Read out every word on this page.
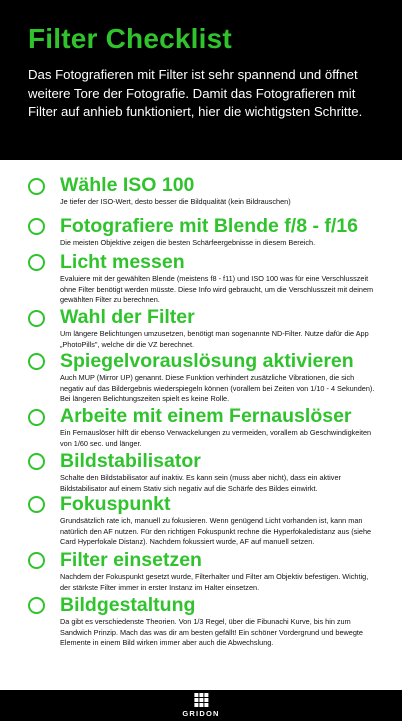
Filter Checklist

Das Fotografieren mit Filter ist sehr spannend und öffnet weitere Tore der Fotografie. Damit das Fotografieren mit Filter auf anhieb funktioniert, hier die wichtigsten Schritte.

Wähle ISO 100
Je tiefer der ISO-Wert, desto besser die Bildqualität (kein Bildrauschen)
Fotografiere mit Blende f/8 - f/16
Die meisten Objektive zeigen die besten Schärfeergebnisse in diesem Bereich.
Licht messen
Evaluiere mit der gewählten Blende (meistens f8 - f11) und ISO 100 was für eine Verschlusszeit ohne Filter benötigt werden müsste. Diese Info wird gebraucht, um die Verschlusszeit mit deinem gewählten Filter zu berechnen.
Wahl der Filter
Um längere Belichtungen umzusetzen, benötigt man sogenannte ND-Filter. Nutze dafür die App „PhotoPills", welche dir die VZ berechnet.
Spiegelvorauslösung aktivieren
Auch MUP (Mirror UP) genannt. Diese Funktion verhindert zusätzliche Vibrationen, die sich negativ auf das Bildergebnis wiederspiegeln können (vorallem bei Zeiten von 1/10 - 4 Sekunden). Bei längeren Belichtungszeiten spielt es keine Rolle.
Arbeite mit einem Fernauslöser
Ein Fernauslöser hilft dir ebenso Verwackelungen zu vermeiden, vorallem ab Geschwindigkeiten von 1/60 sec. und länger.
Bildstabilisator
Schalte den Bildstabilisator auf inaktiv. Es kann sein (muss aber nicht), dass ein aktiver Bildstabilisator auf einem Stativ sich negativ auf die Schärfe des Bildes einwirkt.
Fokuspunkt
Grundsätzlich rate ich, manuell zu fokusieren. Wenn genügend Licht vorhanden ist, kann man natürlich den AF nutzen. Für den richtigen Fokuspunkt rechne die Hyperfokaledistanz aus (siehe Card Hyperfokale Distanz). Nachdem fokussiert wurde, AF auf manuell setzen.
Filter einsetzen
Nachdem der Fokuspunkt gesetzt wurde, Filterhalter und Filter am Objektiv befestigen. Wichtig, der stärkste Filter immer in erster Instanz im Halter einsetzen.
Bildgestaltung
Da gibt es verschiedenste Theorien. Von 1/3 Regel, über die Fibunachi Kurve, bis hin zum Sandwich Prinzip. Mach das was dir am besten gefällt! Ein schöner Vordergrund und bewegte Elemente in einem Bild wirken immer aber auch die Abwechslung.
GRIDON
